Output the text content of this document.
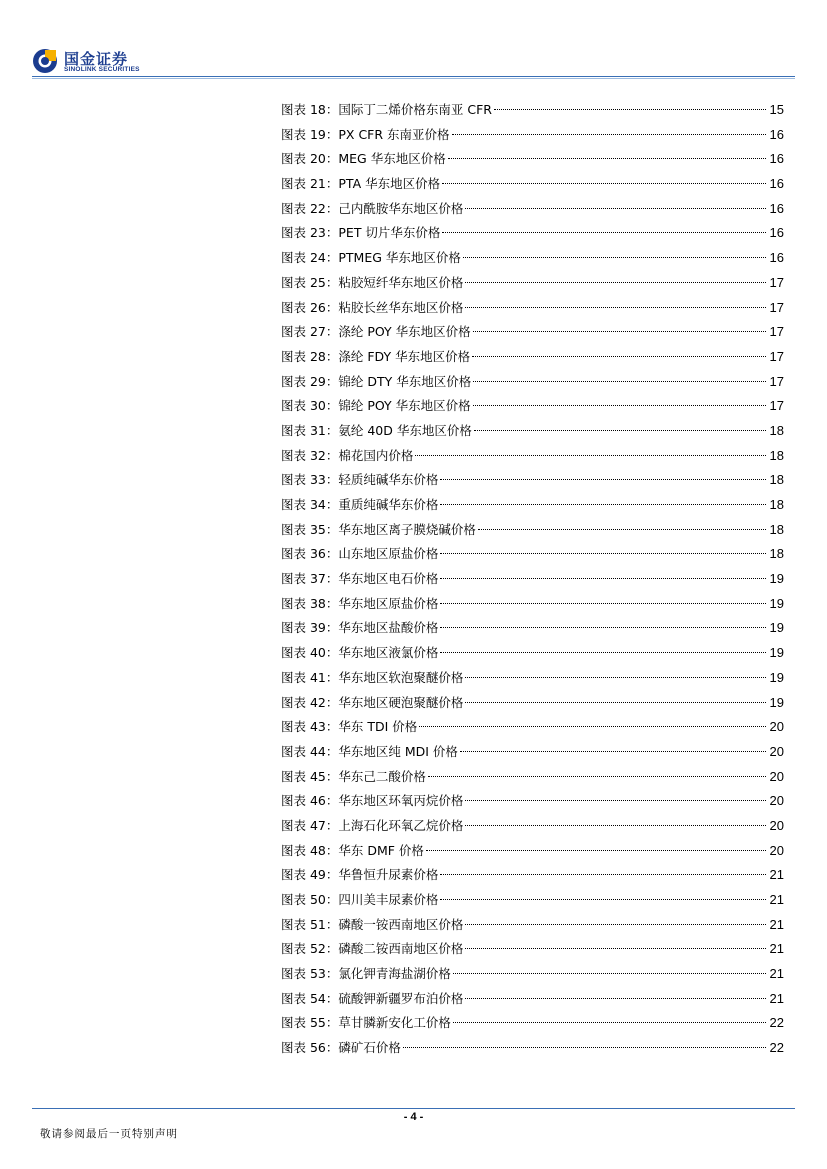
国金证券
SINOLINK SECURITIES
图表 18：国际丁二烯价格东南亚 CFR	15
图表 19：PX CFR 东南亚价格	16
图表 20：MEG 华东地区价格	16
图表 21：PTA 华东地区价格	16
图表 22：己内酰胺华东地区价格	16
图表 23：PET 切片华东价格	16
图表 24：PTMEG 华东地区价格	16
图表 25：粘胶短纤华东地区价格	17
图表 26：粘胶长丝华东地区价格	17
图表 27：涤纶 POY 华东地区价格	17
图表 28：涤纶 FDY 华东地区价格	17
图表 29：锦纶 DTY 华东地区价格	17
图表 30：锦纶 POY 华东地区价格	17
图表 31：氨纶 40D 华东地区价格	18
图表 32：棉花国内价格	18
图表 33：轻质纯碱华东价格	18
图表 34：重质纯碱华东价格	18
图表 35：华东地区离子膜烧碱价格	18
图表 36：山东地区原盐价格	18
图表 37：华东地区电石价格	19
图表 38：华东地区原盐价格	19
图表 39：华东地区盐酸价格	19
图表 40：华东地区液氯价格	19
图表 41：华东地区软泡聚醚价格	19
图表 42：华东地区硬泡聚醚价格	19
图表 43：华东 TDI 价格	20
图表 44：华东地区纯 MDI 价格	20
图表 45：华东己二酸价格	20
图表 46：华东地区环氧丙烷价格	20
图表 47：上海石化环氧乙烷价格	20
图表 48：华东 DMF 价格	20
图表 49：华鲁恒升尿素价格	21
图表 50：四川美丰尿素价格	21
图表 51：磷酸一铵西南地区价格	21
图表 52：磷酸二铵西南地区价格	21
图表 53：氯化钾青海盐湖价格	21
图表 54：硫酸钾新疆罗布泊价格	21
图表 55：草甘膦新安化工价格	22
图表 56：磷矿石价格	22
- 4 -
敬请参阅最后一页特别声明
